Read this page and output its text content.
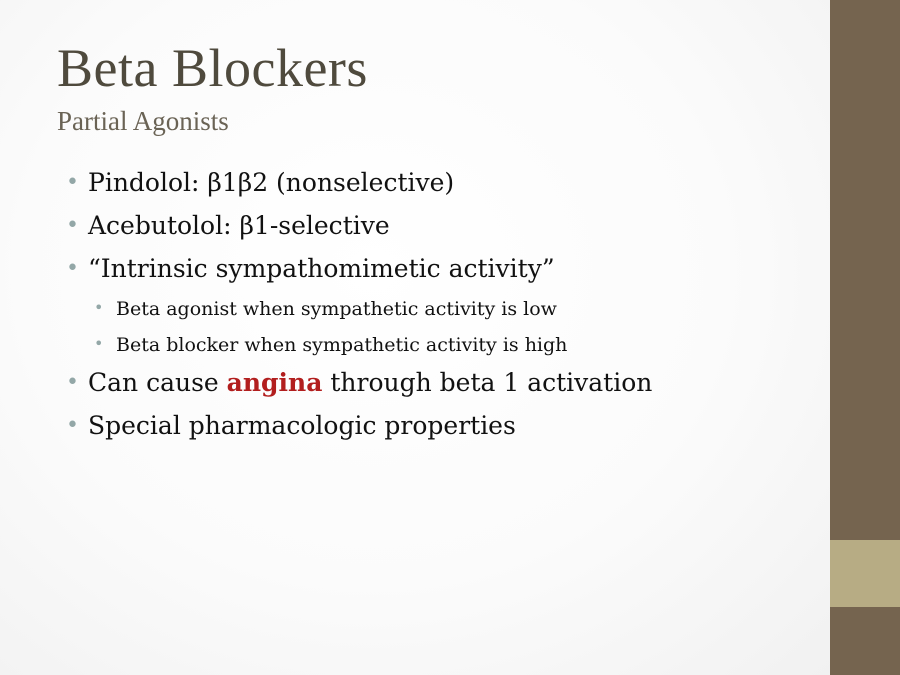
Beta Blockers
Partial Agonists
• Pindolol: β1β2 (nonselective)
• Acebutolol: β1-selective
• “Intrinsic sympathomimetic activity”
• Beta agonist when sympathetic activity is low
• Beta blocker when sympathetic activity is high
• Can cause angina through beta 1 activation
• Special pharmacologic properties
